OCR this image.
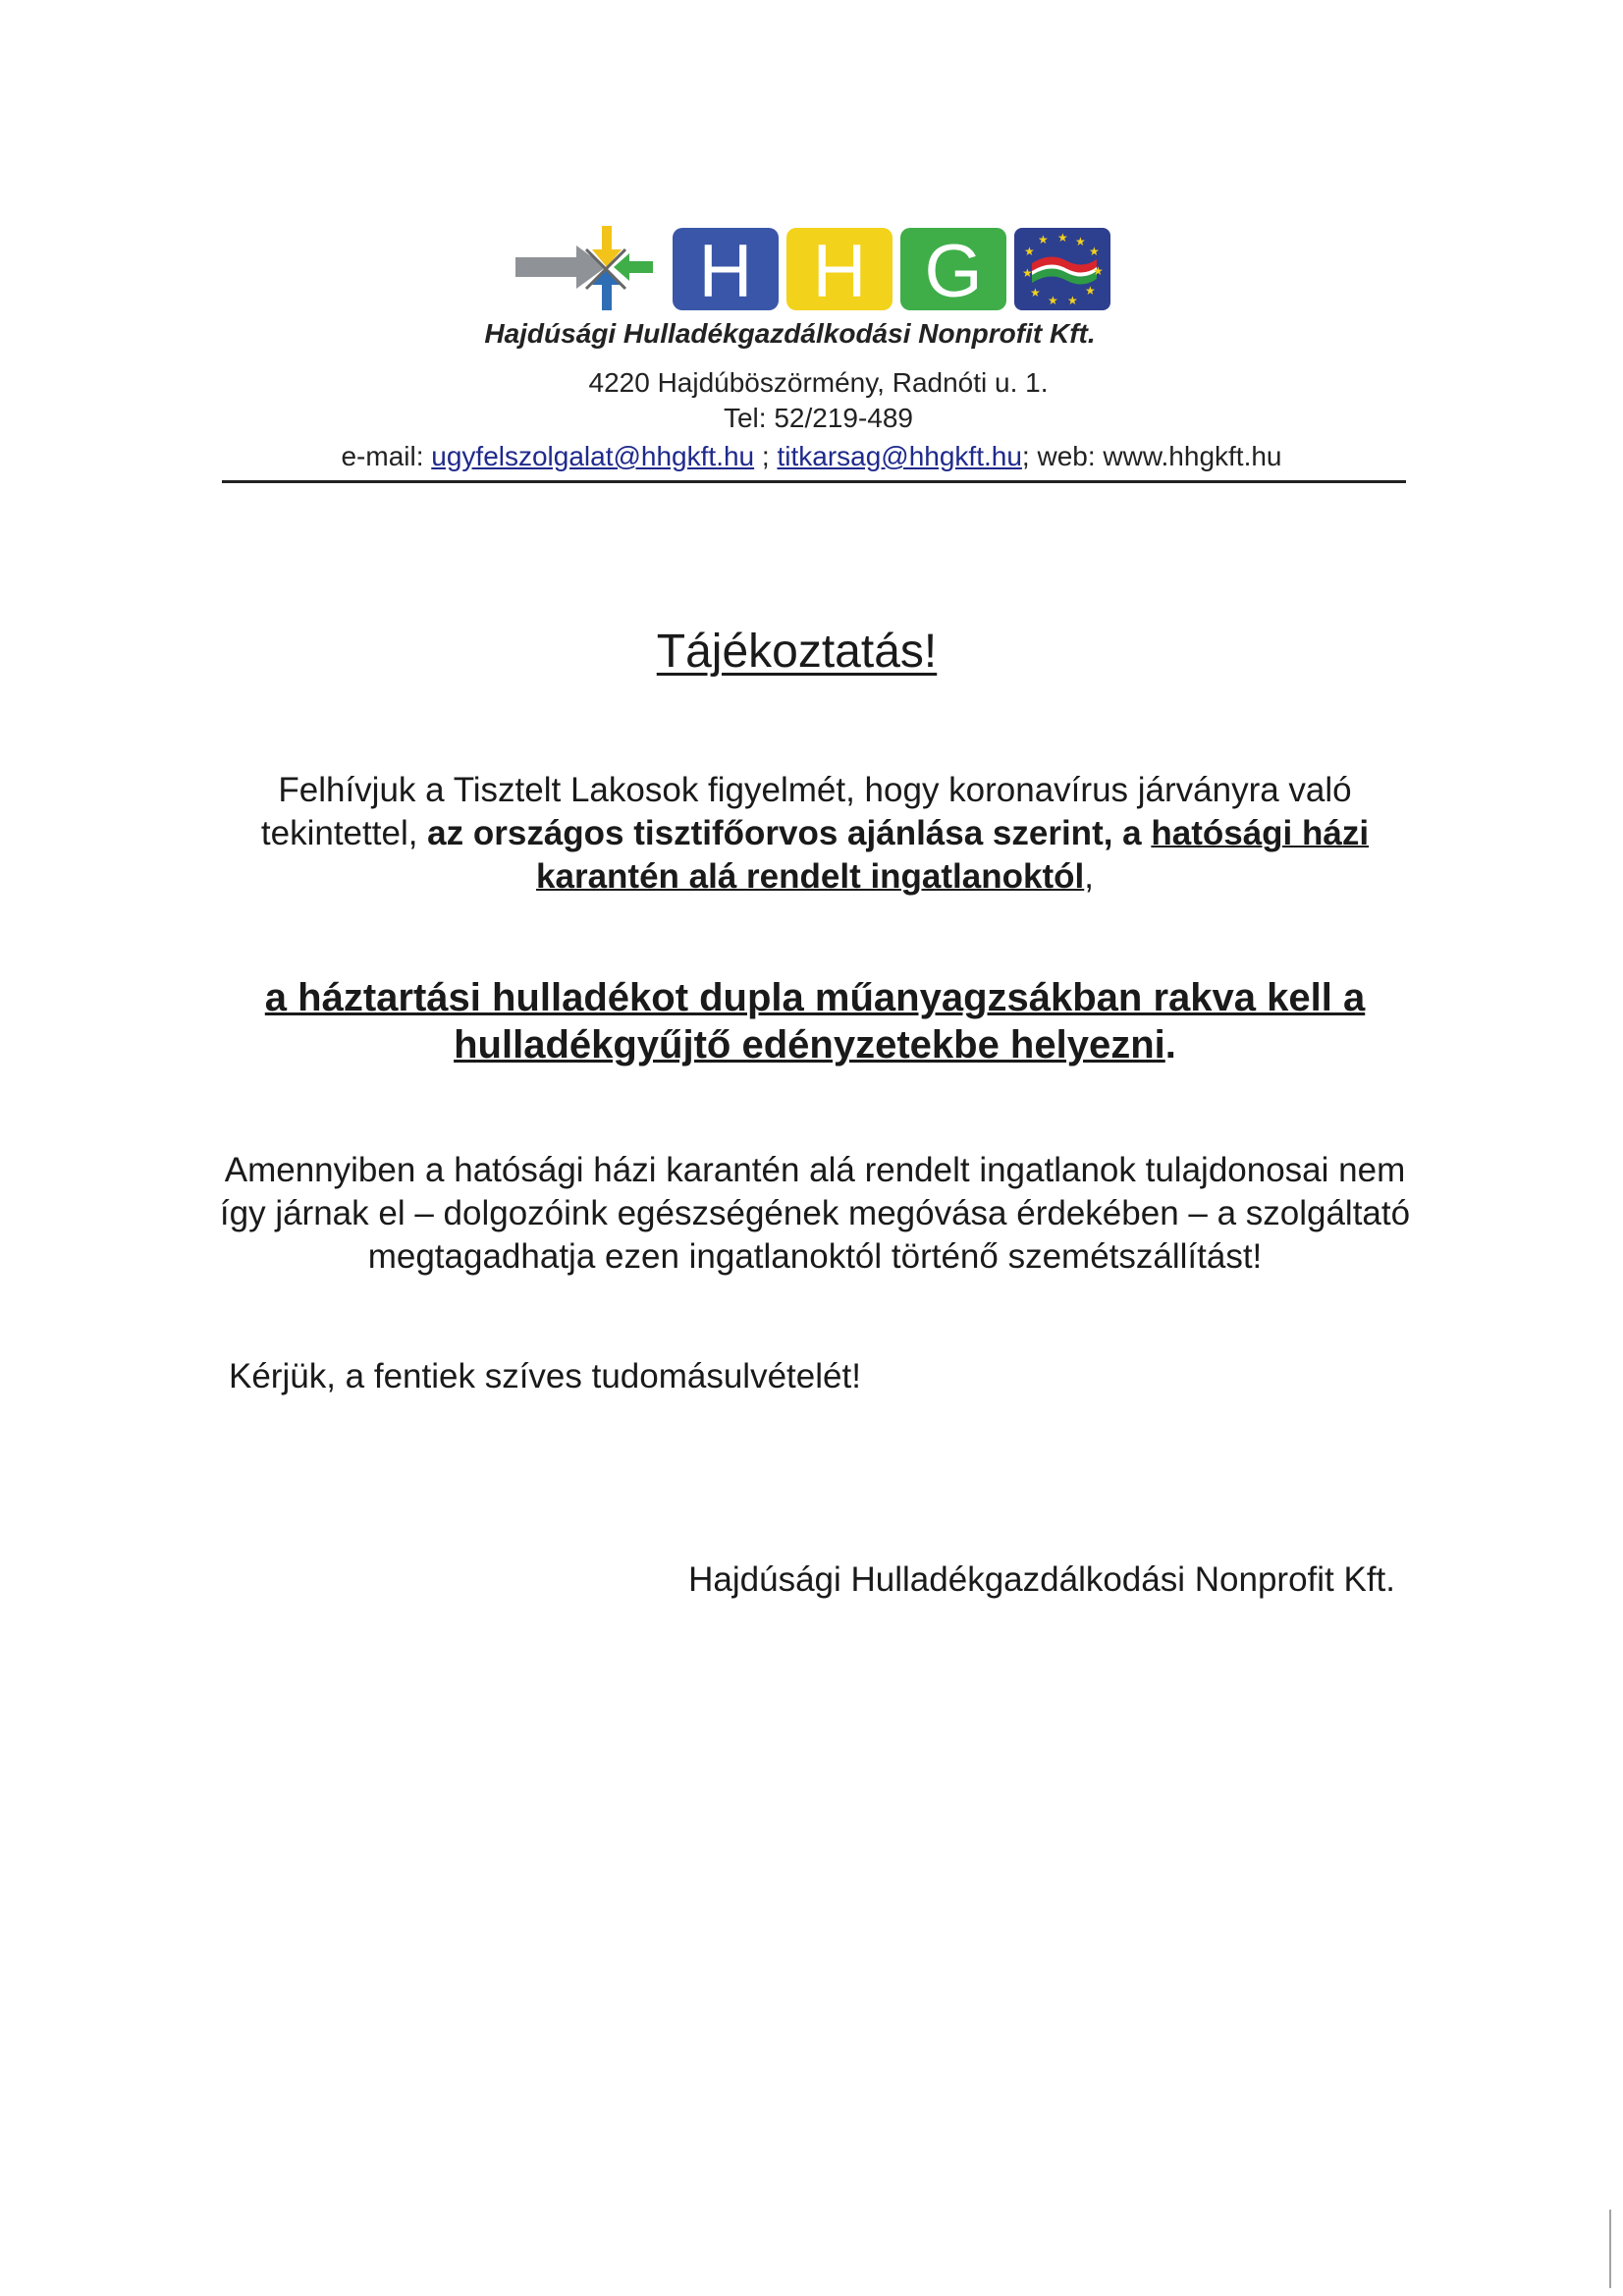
H H G	★ ★
★
★
★
★
★
★
★
★
★
Hajdúsági Hulladékgazdálkodási Nonprofit Kft.
4220 Hajdúböszörmény, Radnóti u. 1.
Tel: 52/219-489
e-mail: ugyfelszolgalat@hhgkft.hu ; titkarsag@hhgkft.hu; web: www.hhgkft.hu
Tájékoztatás!
Felhívjuk a Tisztelt Lakosok figyelmét, hogy koronavírus járványra való tekintettel, az országos tisztifőorvos ajánlása szerint, a hatósági házi karantén alá rendelt ingatlanoktól,
a háztartási hulladékot dupla műanyagzsákban rakva kell a hulladékgyűjtő edényzetekbe helyezni.
Amennyiben a hatósági házi karantén alá rendelt ingatlanok tulajdonosai nem így járnak el – dolgozóink egészségének megóvása érdekében – a szolgáltató megtagadhatja ezen ingatlanoktól történő szemétszállítást!
Kérjük, a fentiek szíves tudomásulvételét!
Hajdúsági Hulladékgazdálkodási Nonprofit Kft.
